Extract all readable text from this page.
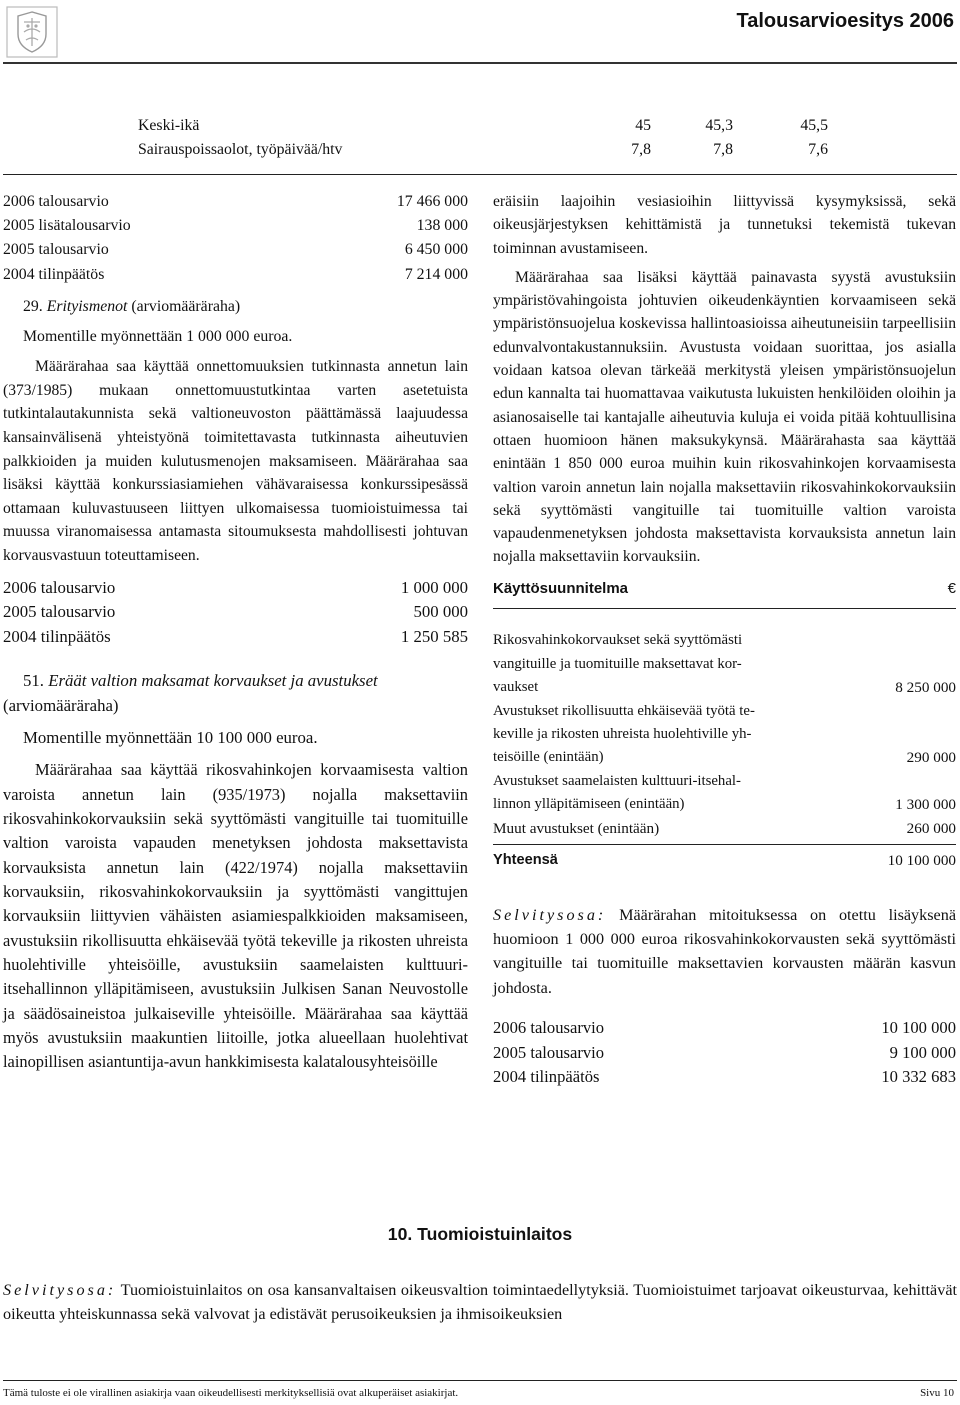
Talousarvioesitys 2006
Keski-ikä	45	45,3	45,5
Sairauspoissaolot, työpäivää/htv	7,8	7,8	7,6
2006 talousarvio	17 466 000
2005 lisätalousarvio	138 000
2005 talousarvio	6 450 000
2004 tilinpäätös	7 214 000
29. Erityismenot (arviomääräraha)
Momentille myönnettään 1 000 000 euroa.
Määrärahaa saa käyttää onnettomuuksien tutkinnasta annetun lain (373/1985) mukaan onnettomuustutkintaa varten asetetuista tutkintalautakunnista sekä valtioneuvoston päättämässä laajuudessa kansainvälisenä yhteistyönä toimitettavasta tutkinnasta aiheutuvien palkkioiden ja muiden kulutusmenojen maksamiseen. Määrärahaa saa lisäksi käyttää konkurssiasiamiehen vähävaraisessa konkurssipesässä ottamaan kuluvastuuseen liittyen ulkomaisessa tuomioistuimessa tai muussa viranomaisessa antamasta sitoumuksesta mahdollisesti johtuvan korvausvastuun toteuttamiseen.
2006 talousarvio	1 000 000
2005 talousarvio	500 000
2004 tilinpäätös	1 250 585
51. Eräät valtion maksamat korvaukset ja avustukset (arviomääräraha)
Momentille myönnettään 10 100 000 euroa.
Määrärahaa saa käyttää rikosvahinkojen korvaamisesta valtion varoista annetun lain (935/1973) nojalla maksettaviin rikosvahinkokorvauksiin sekä syyttömästi vangituille tai tuomituille valtion varoista vapauden menetyksen johdosta maksettavista korvauksista annetun lain (422/1974) nojalla maksettaviin korvauksiin, rikosvahinkokorvauksiin ja syyttömästi vangittujen korvauksiin liittyvien vähäisten asiamiespalkkioiden maksamiseen, avustuksiin rikollisuutta ehkäisevää työtä tekeville ja rikosten uhreista huolehtiville yhteisöille, avustuksiin saamelaisten kulttuuri-itsehallinnon ylläpitämiseen, avustuksiin Julkisen Sanan Neuvostolle ja säädösaineistoa julkaiseville yhteisöille. Määrärahaa saa käyttää myös avustuksiin maakuntien liitoille, jotka alueellaan huolehtivat lainopillisen asiantuntija-avun hankkimisesta kalatalousyhteisöille
eräisiin laajoihin vesiasioihin liittyvissä kysymyksissä, sekä oikeusjärjestyksen kehittämistä ja tunnetuksi tekemistä tukevan toiminnan avustamiseen.
Määrärahaa saa lisäksi käyttää painavasta syystä avustuksiin ympäristövahingoista johtuvien oikeudenkäyntien korvaamiseen sekä ympäristönsuojelua koskevissa hallintoasioissa aiheutuneisiin tarpeellisiin edunvalvontakustannuksiin. Avustusta voidaan suorittaa, jos asialla voidaan katsoa olevan tärkeää merkitystä yleisen ympäristönsuojelun edun kannalta tai huomattavaa vaikutusta lukuisten henkilöiden oloihin ja asianosaiselle tai kantajalle aiheutuvia kuluja ei voida pitää kohtuullisina ottaen huomioon hänen maksukykynsä. Määrärahasta saa käyttää enintään 1 850 000 euroa muihin kuin rikosvahinkojen korvaamisesta valtion varoin annetun lain nojalla maksettaviin rikosvahinkokorvauksiin sekä syyttömästi vangituille tai tuomituille valtion varoista vapaudenmenetyksen johdosta maksettavista korvauksista annetun lain nojalla maksettaviin korvauksiin.
Käyttösuunnitelma	€
Rikosvahinkokorvaukset sekä syyttömästi
vangituille ja tuomituille maksettavat kor-
vaukset	8 250 000
Avustukset rikollisuutta ehkäisevää työtä te-
keville ja rikosten uhreista huolehtiville yh-
teisöille (enintään)	290 000
Avustukset saamelaisten kulttuuri-itsehal-
linnon ylläpitämiseen (enintään)	1 300 000
Muut avustukset (enintään)	260 000
Yhteensä	10 100 000
Selvitysosa: Määrärahan mitoituksessa on otettu lisäyksenä huomioon 1 000 000 euroa rikosvahinkokorvausten sekä syyttömästi vangituille tai tuomituille maksettavien korvausten määrän kasvun johdosta.
2006 talousarvio	10 100 000
2005 talousarvio	9 100 000
2004 tilinpäätös	10 332 683
10. Tuomioistuinlaitos
Selvitysosa: Tuomioistuinlaitos on osa kansanvaltaisen oikeusvaltion toimintaedellytyksiä. Tuomioistuimet tarjoavat oikeusturvaa, kehittävät oikeutta yhteiskunnassa sekä valvovat ja edistävät perusoikeuksien ja ihmisoikeuksien
Tämä tuloste ei ole virallinen asiakirja vaan oikeudellisesti merkityksellisiä ovat alkuperäiset asiakirjat.	Sivu 10
